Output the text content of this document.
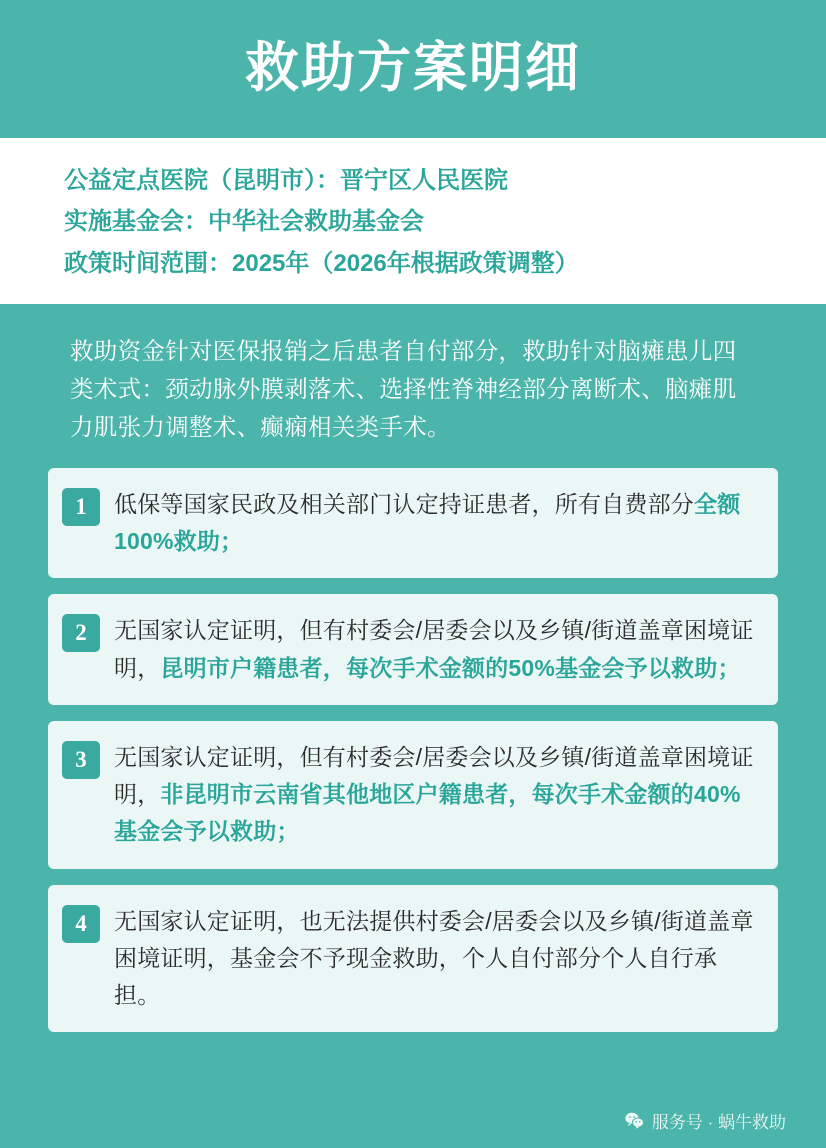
救助方案明细
公益定点医院（昆明市）：晋宁区人民医院
实施基金会：中华社会救助基金会
政策时间范围：2025年（2026年根据政策调整）
救助资金针对医保报销之后患者自付部分，救助针对脑瘫患儿四类术式：颈动脉外膜剥落术、选择性脊神经部分离断术、脑瘫肌力肌张力调整术、癫痫相关类手术。
1	低保等国家民政及相关部门认定持证患者，所有自费部分全额100%救助；
2	无国家认定证明，但有村委会/居委会以及乡镇/街道盖章困境证明，昆明市户籍患者，每次手术金额的50%基金会予以救助；
3	无国家认定证明，但有村委会/居委会以及乡镇/街道盖章困境证明，非昆明市云南省其他地区户籍患者，每次手术金额的40%基金会予以救助；
4	无国家认定证明，也无法提供村委会/居委会以及乡镇/街道盖章困境证明，基金会不予现金救助，个人自付部分个人自行承担。
服务号 · 蜗牛救助
